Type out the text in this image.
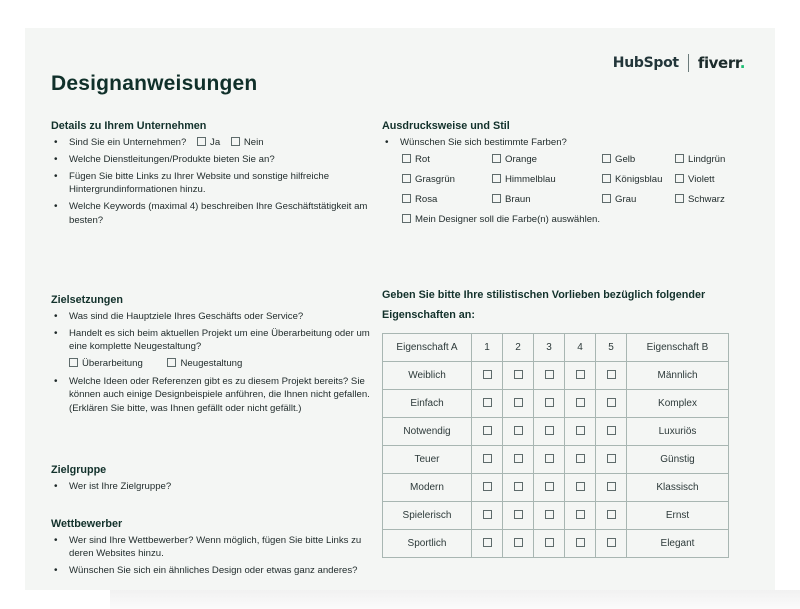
HubSpot fiverr.
Designanweisungen
Details zu Ihrem Unternehmen
• Sind Sie ein Unternehmen? Ja Nein
• Welche Dienstleitungen/Produkte bieten Sie an?
• Fügen Sie bitte Links zu Ihrer Website und sonstige hilfreiche Hintergrundinformationen hinzu.
• Welche Keywords (maximal 4) beschreiben Ihre Geschäftstätigkeit am besten?
Zielsetzungen
• Was sind die Hauptziele Ihres Geschäfts oder Service?
• Handelt es sich beim aktuellen Projekt um eine Überarbeitung oder um eine komplette Neugestaltung?
Überarbeitung	Neugestaltung
• Welche Ideen oder Referenzen gibt es zu diesem Projekt bereits? Sie können auch einige Designbeispiele anführen, die Ihnen nicht gefallen. (Erklären Sie bitte, was Ihnen gefällt oder nicht gefällt.)
Zielgruppe
• Wer ist Ihre Zielgruppe?
Wettbewerber
• Wer sind Ihre Wettbewerber? Wenn möglich, fügen Sie bitte Links zu deren Websites hinzu.
• Wünschen Sie sich ein ähnliches Design oder etwas ganz anderes?
Ausdrucksweise und Stil
• Wünschen Sie sich bestimmte Farben?
Rot	Orange	Gelb	Lindgrün
Grasgrün	Himmelblau	Königsblau	Violett
Rosa	Braun	Grau	Schwarz
Mein Designer soll die Farbe(n) auswählen.
Geben Sie bitte Ihre stilistischen Vorlieben bezüglich folgender Eigenschaften an:
Eigenschaft A	1	2	3	4	5	Eigenschaft B
Weiblich						Männlich
Einfach						Komplex
Notwendig						Luxuriös
Teuer						Günstig
Modern						Klassisch
Spielerisch						Ernst
Sportlich						Elegant
